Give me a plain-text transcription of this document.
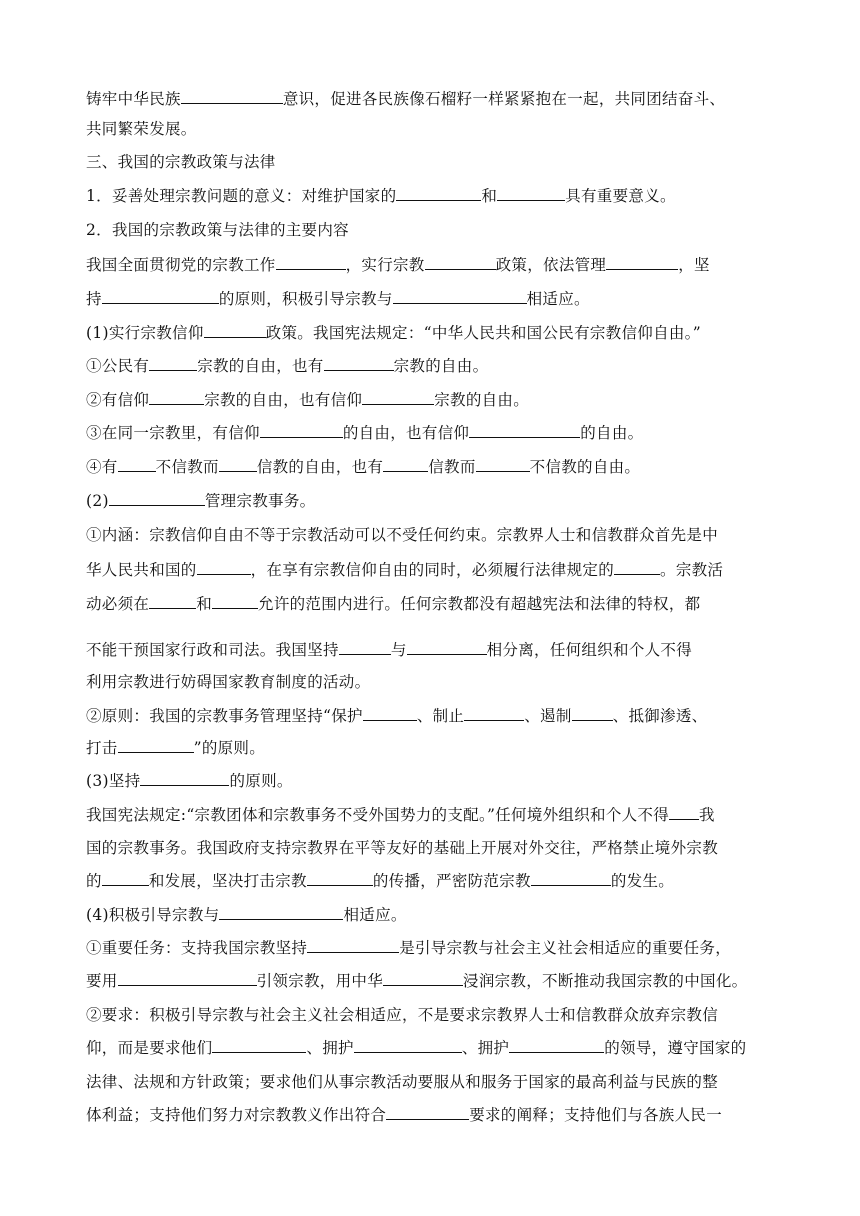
铸牢中华民族	意识，促进各民族像石榴籽一样紧紧抱在一起，共同团结奋斗、
共同繁荣发展。
三、我国的宗教政策与法律
1．妥善处理宗教问题的意义：对维护国家的	和	具有重要意义。
2．我国的宗教政策与法律的主要内容
我国全面贯彻党的宗教工作	，实行宗教	政策，依法管理	，坚
持	的原则，积极引导宗教与	相适应。
(1)实行宗教信仰	政策。我国宪法规定：“中华人民共和国公民有宗教信仰自由。”
①公民有	宗教的自由，也有	宗教的自由。
②有信仰	宗教的自由，也有信仰	宗教的自由。
③在同一宗教里，有信仰	的自由，也有信仰	的自由。
④有 不信教而 信教的自由，也有	信教而	不信教的自由。
(2)	管理宗教事务。
①内涵：宗教信仰自由不等于宗教活动可以不受任何约束。宗教界人士和信教群众首先是中
华人民共和国的	，在享有宗教信仰自由的同时，必须履行法律规定的	。宗教活
动必须在	和	允许的范围内进行。任何宗教都没有超越宪法和法律的特权，都
不能干预国家行政和司法。我国坚持	与	相分离，任何组织和个人不得
利用宗教进行妨碍国家教育制度的活动。
②原则：我国的宗教事务管理坚持“保护	、制止	、遏制	、抵御渗透、
打击	”的原则。
(3)坚持	的原则。
我国宪法规定:“宗教团体和宗教事务不受外国势力的支配。”任何境外组织和个人不得 我
国的宗教事务。我国政府支持宗教界在平等友好的基础上开展对外交往，严格禁止境外宗教
的	和发展，坚决打击宗教	的传播，严密防范宗教	的发生。
(4)积极引导宗教与	相适应。
①重要任务：支持我国宗教坚持	是引导宗教与社会主义社会相适应的重要任务，
要用	引领宗教，用中华	浸润宗教，不断推动我国宗教的中国化。
②要求：积极引导宗教与社会主义社会相适应，不是要求宗教界人士和信教群众放弃宗教信
仰，而是要求他们	、拥护	、拥护	的领导，遵守国家的
法律、法规和方针政策；要求他们从事宗教活动要服从和服务于国家的最高利益与民族的整
体利益；支持他们努力对宗教教义作出符合	要求的阐释；支持他们与各族人民一
